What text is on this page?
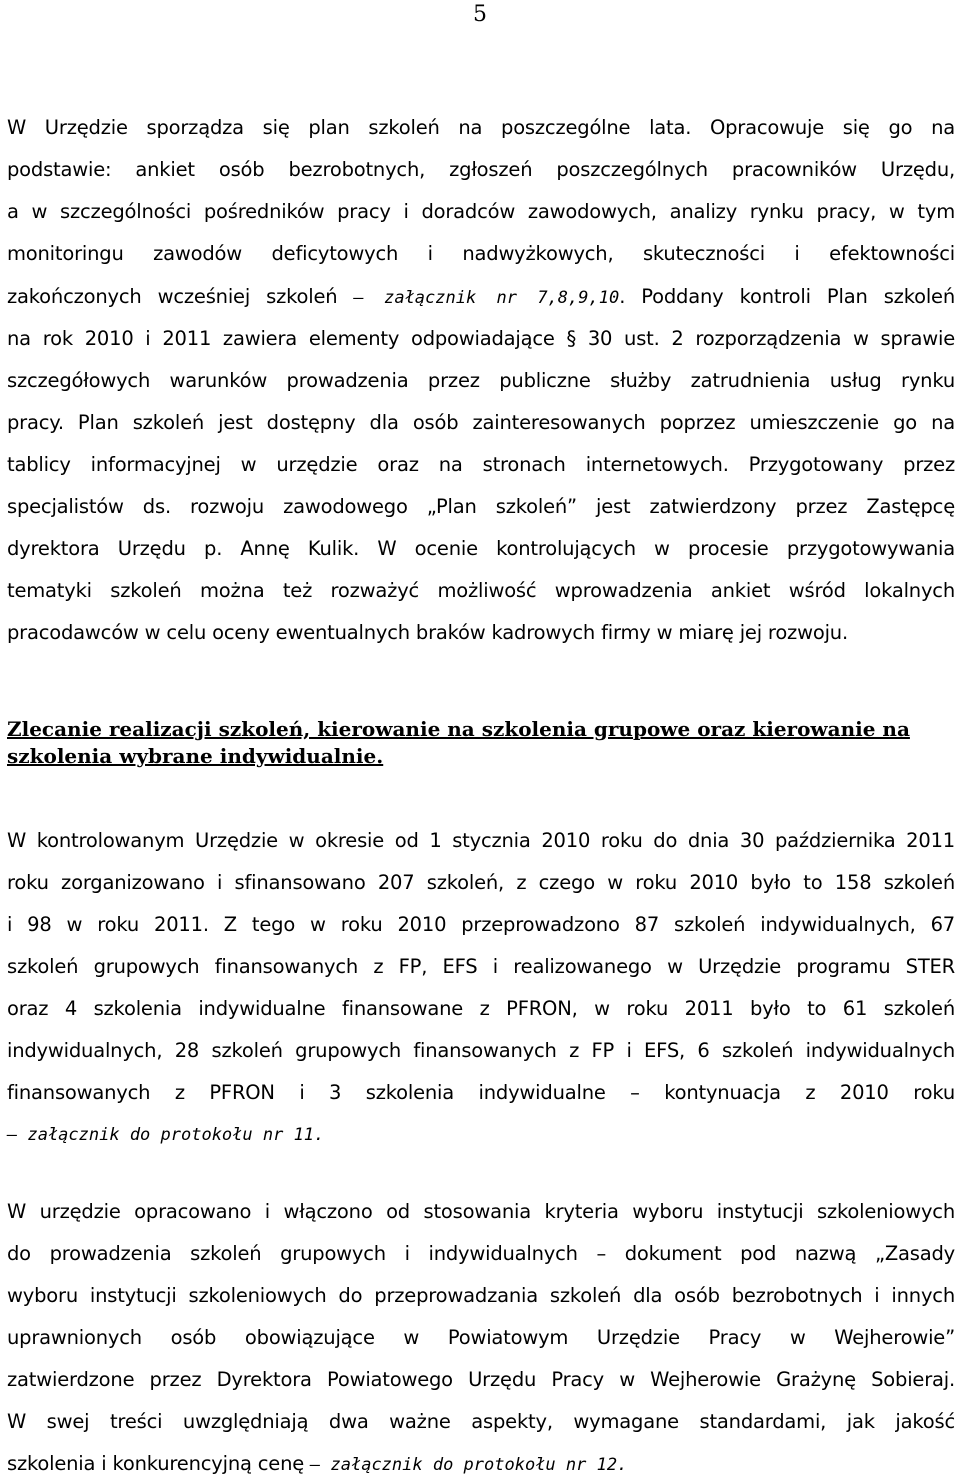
5
W Urzędzie sporządza się plan szkoleń na poszczególne lata. Opracowuje się go na
podstawie: ankiet osób bezrobotnych, zgłoszeń poszczególnych pracowników Urzędu,
a w szczególności pośredników pracy i doradców zawodowych, analizy rynku pracy, w tym
monitoringu zawodów deficytowych i nadwyżkowych, skuteczności i efektowności
zakończonych wcześniej szkoleń – załącznik nr 7,8,9,10. Poddany kontroli Plan szkoleń
na rok 2010 i 2011 zawiera elementy odpowiadające § 30 ust. 2 rozporządzenia w sprawie
szczegółowych warunków prowadzenia przez publiczne służby zatrudnienia usług rynku
pracy. Plan szkoleń jest dostępny dla osób zainteresowanych poprzez umieszczenie go na
tablicy informacyjnej w urzędzie oraz na stronach internetowych. Przygotowany przez
specjalistów ds. rozwoju zawodowego „Plan szkoleń” jest zatwierdzony przez Zastępcę
dyrektora Urzędu p. Annę Kulik. W ocenie kontrolujących w procesie przygotowywania
tematyki szkoleń można też rozważyć możliwość wprowadzenia ankiet wśród lokalnych
pracodawców w celu oceny ewentualnych braków kadrowych firmy w miarę jej rozwoju.
Zlecanie realizacji szkoleń, kierowanie na szkolenia grupowe oraz kierowanie na
szkolenia wybrane indywidualnie.
W kontrolowanym Urzędzie w okresie od 1 stycznia 2010 roku do dnia 30 października 2011
roku zorganizowano i sfinansowano 207 szkoleń, z czego w roku 2010 było to 158 szkoleń
i 98 w roku 2011. Z tego w roku 2010 przeprowadzono 87 szkoleń indywidualnych, 67
szkoleń grupowych finansowanych z FP, EFS i realizowanego w Urzędzie programu STER
oraz 4 szkolenia indywidualne finansowane z PFRON, w roku 2011 było to 61 szkoleń
indywidualnych, 28 szkoleń grupowych finansowanych z FP i EFS, 6 szkoleń indywidualnych
finansowanych z PFRON i 3 szkolenia indywidualne – kontynuacja z 2010 roku
– załącznik do protokołu nr 11.
W urzędzie opracowano i włączono od stosowania kryteria wyboru instytucji szkoleniowych
do prowadzenia szkoleń grupowych i indywidualnych – dokument pod nazwą „Zasady
wyboru instytucji szkoleniowych do przeprowadzania szkoleń dla osób bezrobotnych i innych
uprawnionych osób obowiązujące w Powiatowym Urzędzie Pracy w Wejherowie”
zatwierdzone przez Dyrektora Powiatowego Urzędu Pracy w Wejherowie Grażynę Sobieraj.
W swej treści uwzględniają dwa ważne aspekty, wymagane standardami, jak jakość
szkolenia i konkurencyjną cenę – załącznik do protokołu nr 12.
